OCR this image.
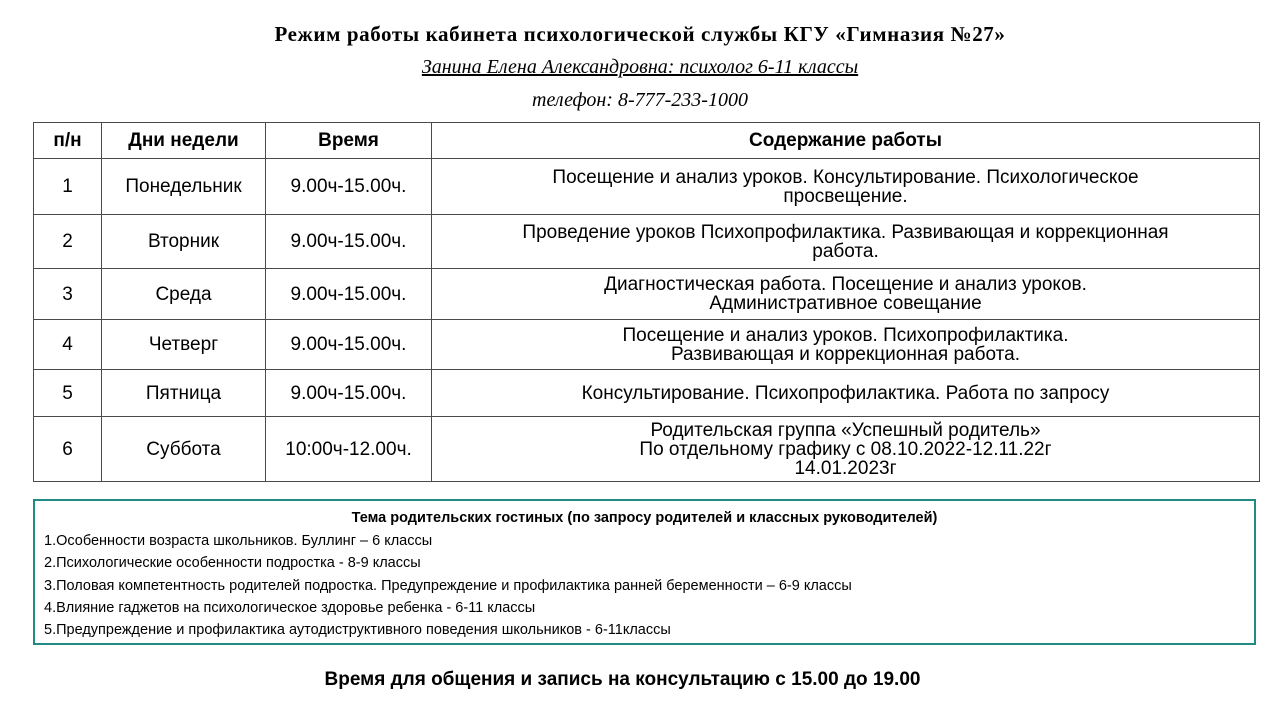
Режим работы кабинета психологической службы КГУ «Гимназия №27»
Занина Елена Александровна: психолог 6-11 классы
телефон: 8-777-233-1000
п/н	Дни недели	Время	Содержание работы
1	Понедельник	9.00ч-15.00ч.	Посещение и анализ уроков. Консультирование. Психологическое
просвещение.

2	Вторник	9.00ч-15.00ч.	Проведение уроков Психопрофилактика. Развивающая и коррекционная
работа.

3	Среда	9.00ч-15.00ч.	Диагностическая работа. Посещение и анализ уроков.
Административное совещание

4	Четверг	9.00ч-15.00ч.	Посещение и анализ уроков. Психопрофилактика.
Развивающая и коррекционная работа.

5	Пятница	9.00ч-15.00ч.	Консультирование. Психопрофилактика. Работа по запросу

6	Суббота	10:00ч-12.00ч.	Родительская группа «Успешный родитель»
По отдельному графику с 08.10.2022-12.11.22г
14.01.2023г
Тема родительских гостиных (по запросу родителей и классных руководителей)
1.Особенности возраста школьников. Буллинг – 6 классы
2.Психологические особенности подростка - 8-9 классы
3.Половая компетентность родителей подростка. Предупреждение и профилактика ранней беременности – 6-9 классы
4.Влияние гаджетов на психологическое здоровье ребенка - 6-11 классы
5.Предупреждение и профилактика аутодиструктивного поведения школьников - 6-11классы
Время для общения и запись на консультацию с 15.00 до 19.00
